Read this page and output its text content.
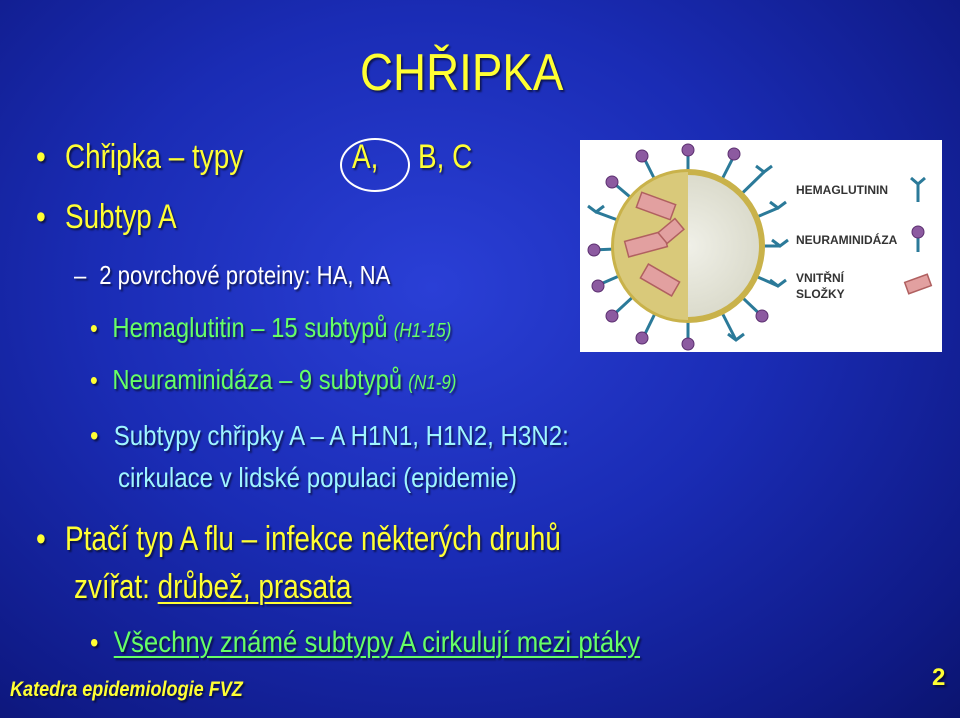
CHŘIPKA
• Chřipka – typy	A, B, C
• Subtyp A
– 2 povrchové proteiny: HA, NA
• Hemaglutitin – 15 subtypů (H1-15)
• Neuraminidáza – 9 subtypů (N1-9)
• Subtypy chřipky A – A H1N1, H1N2, H3N2:
cirkulace v lidské populaci (epidemie)
• Ptačí typ A flu – infekce některých druhů
zvířat: drůbež, prasata
• Všechny známé subtypy A cirkulují mezi ptáky
HEMAGLUTININ
NEURAMINIDÁZA
VNITŘNÍ
SLOŽKY
Katedra epidemiologie FVZ	2
